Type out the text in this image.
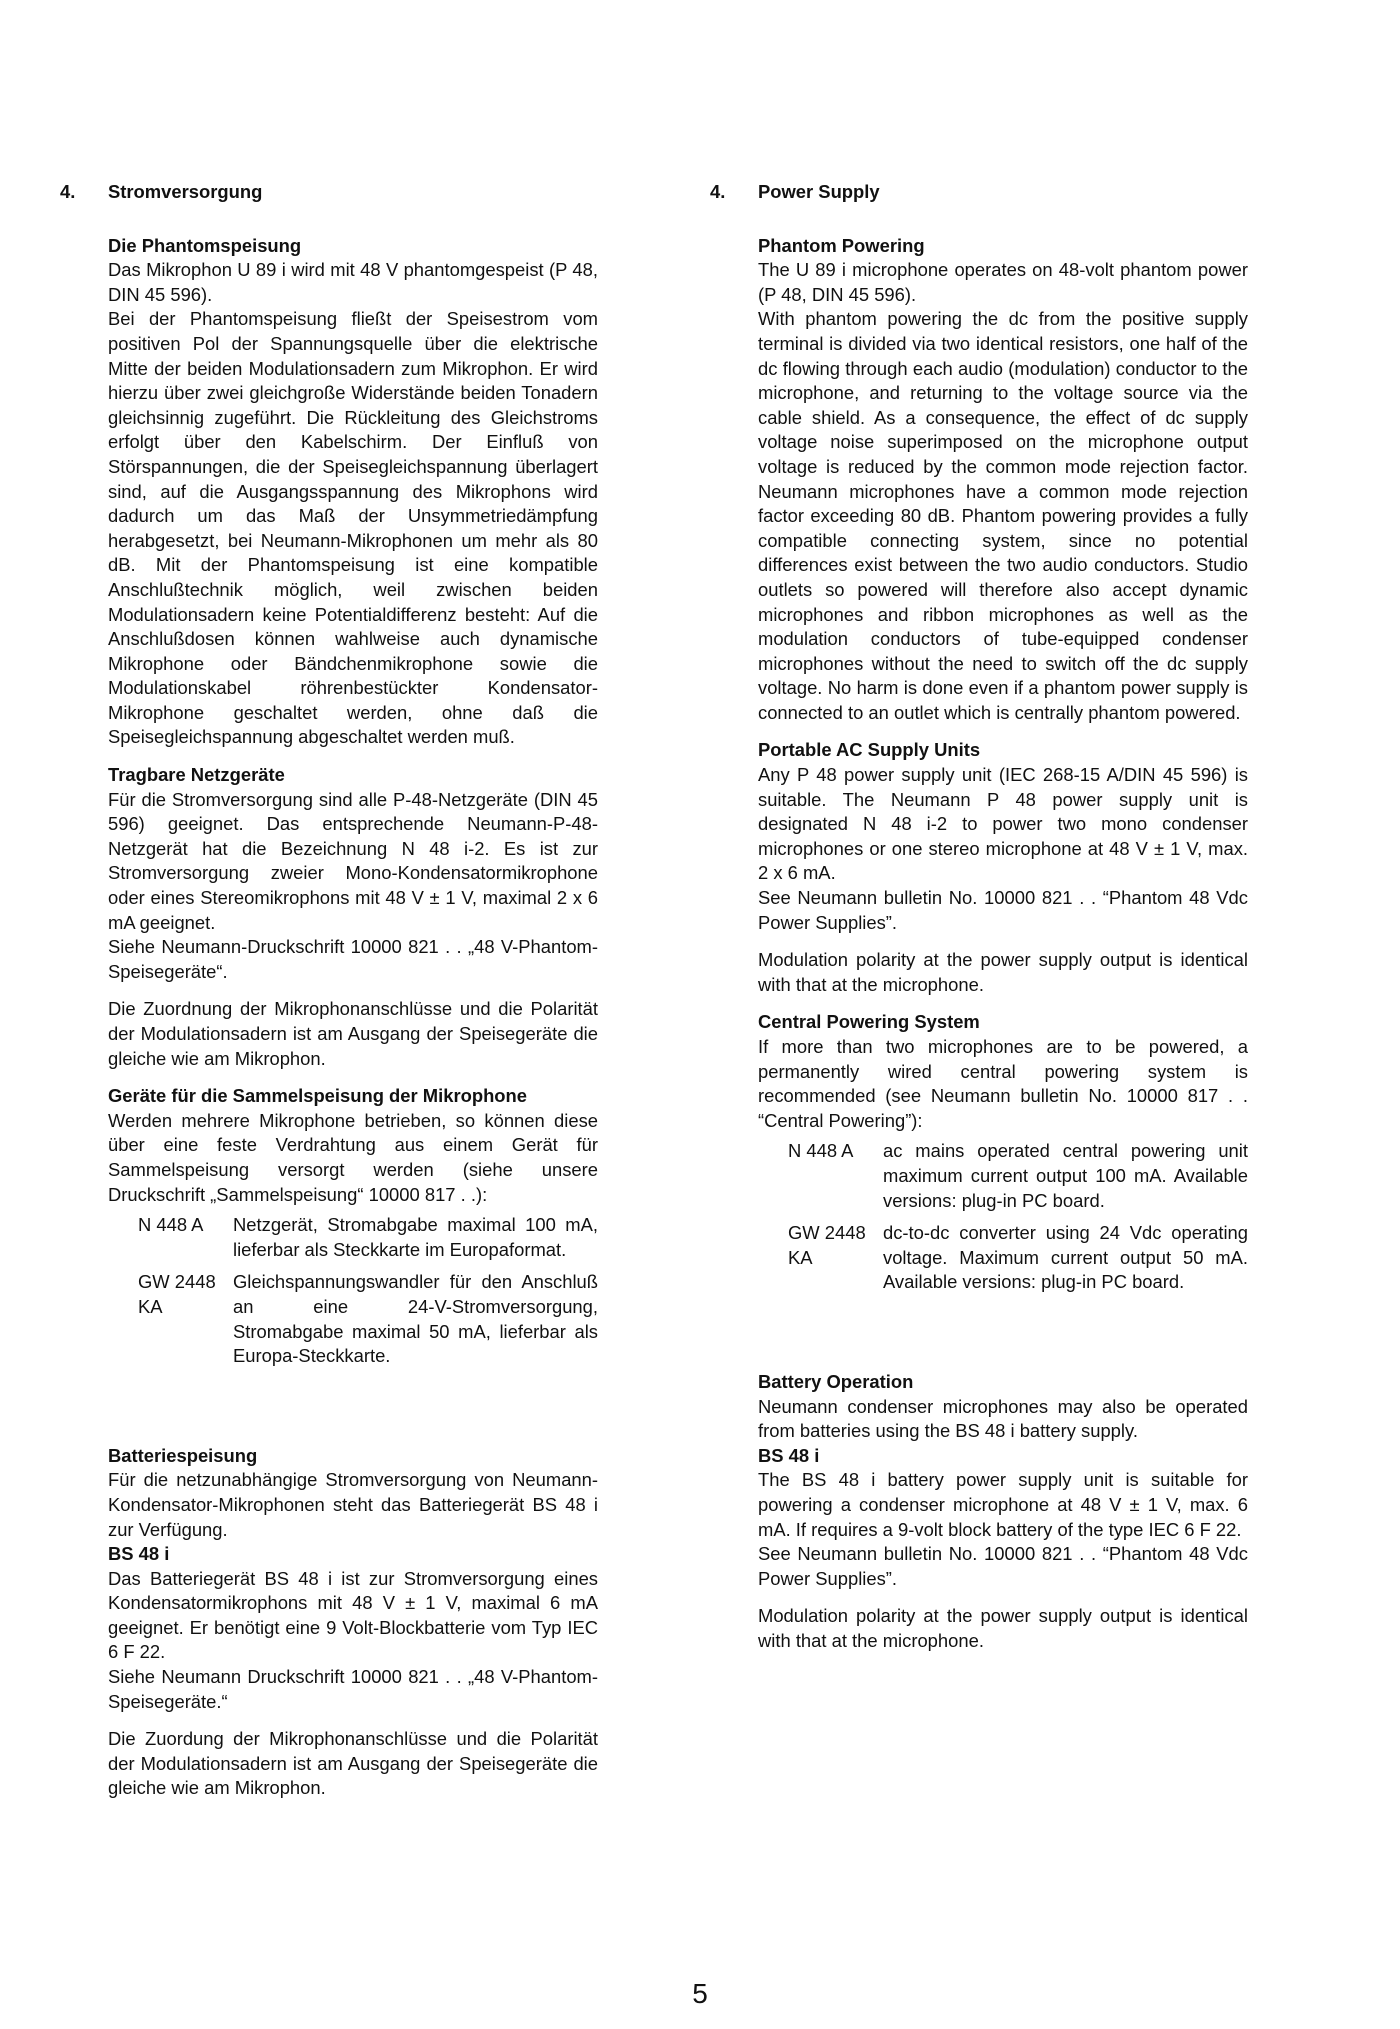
4. Stromversorgung
Die Phantomspeisung

Das Mikrophon U 89 i wird mit 48 V phantomgespeist (P 48, DIN 45 596).

Bei der Phantomspeisung fließt der Speisestrom vom positiven Pol der Spannungsquelle über die elektrische Mitte der beiden Modulationsadern zum Mikrophon. Er wird hierzu über zwei gleichgroße Widerstände beiden Tonadern gleichsinnig zugeführt. Die Rückleitung des Gleichstroms erfolgt über den Kabelschirm. Der Einfluß von Störspannungen, die der Speisegleichspannung überlagert sind, auf die Ausgangsspannung des Mikrophons wird dadurch um das Maß der Unsymmetriedämpfung herabgesetzt, bei Neumann-Mikrophonen um mehr als 80 dB. Mit der Phantomspeisung ist eine kompatible Anschlußtechnik möglich, weil zwischen beiden Modulationsadern keine Potentialdifferenz besteht: Auf die Anschlußdosen können wahlweise auch dynamische Mikrophone oder Bändchenmikrophone sowie die Modulationskabel röhrenbestückter Kondensator-Mikrophone geschaltet werden, ohne daß die Speisegleichspannung abgeschaltet werden muß.

Tragbare Netzgeräte

Für die Stromversorgung sind alle P-48-Netzgeräte (DIN 45 596) geeignet. Das entsprechende Neumann-P-48-Netzgerät hat die Bezeichnung N 48 i-2. Es ist zur Stromversorgung zweier Mono-Kondensatormikrophone oder eines Stereomikrophons mit 48 V ± 1 V, maximal 2 x 6 mA geeignet.

Siehe Neumann-Druckschrift 10000 821 . . „48 V-Phantom-Speisegeräte“.

Die Zuordnung der Mikrophonanschlüsse und die Polarität der Modulationsadern ist am Ausgang der Speisegeräte die gleiche wie am Mikrophon.

Geräte für die Sammelspeisung der Mikrophone

Werden mehrere Mikrophone betrieben, so können diese über eine feste Verdrahtung aus einem Gerät für Sammelspeisung versorgt werden (siehe unsere Druckschrift „Sammelspeisung“ 10000 817 . .):

N 448 A	Netzgerät, Stromabgabe maximal 100 mA, lieferbar als Steckkarte im Europaformat.
GW 2448 KA
Gleichspannungswandler für den Anschluß an eine 24-V-Stromversorgung, Stromabgabe maximal 50 mA, lieferbar als Europa-Steckkarte.
Batteriespeisung

Für die netzunabhängige Stromversorgung von Neumann-Kondensator-Mikrophonen steht das Batteriegerät BS 48 i zur Verfügung.

BS 48 i

Das Batteriegerät BS 48 i ist zur Stromversorgung eines Kondensatormikrophons mit 48 V ± 1 V, maximal 6 mA geeignet. Er benötigt eine 9 Volt-Blockbatterie vom Typ IEC 6 F 22.

Siehe Neumann Druckschrift 10000 821 . . „48 V-Phantom-Speisegeräte.“

Die Zuordung der Mikrophonanschlüsse und die Polarität der Modulationsadern ist am Ausgang der Speisegeräte die gleiche wie am Mikrophon.

4. Power Supply
Phantom Powering

The U 89 i microphone operates on 48-volt phantom power (P 48, DIN 45 596).

With phantom powering the dc from the positive supply terminal is divided via two identical resistors, one half of the dc flowing through each audio (modulation) conductor to the microphone, and returning to the voltage source via the cable shield. As a consequence, the effect of dc supply voltage noise superimposed on the microphone output voltage is reduced by the common mode rejection factor. Neumann microphones have a common mode rejection factor exceeding 80 dB. Phantom powering provides a fully compatible connecting system, since no potential differences exist between the two audio conductors. Studio outlets so powered will therefore also accept dynamic microphones and ribbon microphones as well as the modulation conductors of tube-equipped condenser microphones without the need to switch off the dc supply voltage. No harm is done even if a phantom power supply is connected to an outlet which is centrally phantom powered.

Portable AC Supply Units

Any P 48 power supply unit (IEC 268-15 A/DIN 45 596) is suitable. The Neumann P 48 power supply unit is designated N 48 i-2 to power two mono condenser microphones or one stereo microphone at 48 V ± 1 V, max. 2 x 6 mA.

See Neumann bulletin No. 10000 821 . . “Phantom 48 Vdc Power Supplies”.

Modulation polarity at the power supply output is identical with that at the microphone.

Central Powering System

If more than two microphones are to be powered, a permanently wired central powering system is recommended (see Neumann bulletin No. 10000 817 . . “Central Powering”):

N 448 A	ac mains operated central powering unit maximum current output 100 mA. Available versions: plug-in PC board.
GW 2448 KA
dc-to-dc converter using 24 Vdc operating voltage. Maximum current output 50 mA. Available versions: plug-in PC board.
Battery Operation

Neumann condenser microphones may also be operated from batteries using the BS 48 i battery supply.

BS 48 i

The BS 48 i battery power supply unit is suitable for powering a condenser microphone at 48 V ± 1 V, max. 6 mA. If requires a 9-volt block battery of the type IEC 6 F 22.

See Neumann bulletin No. 10000 821 . . “Phantom 48 Vdc Power Supplies”.

Modulation polarity at the power supply output is identical with that at the microphone.

5
